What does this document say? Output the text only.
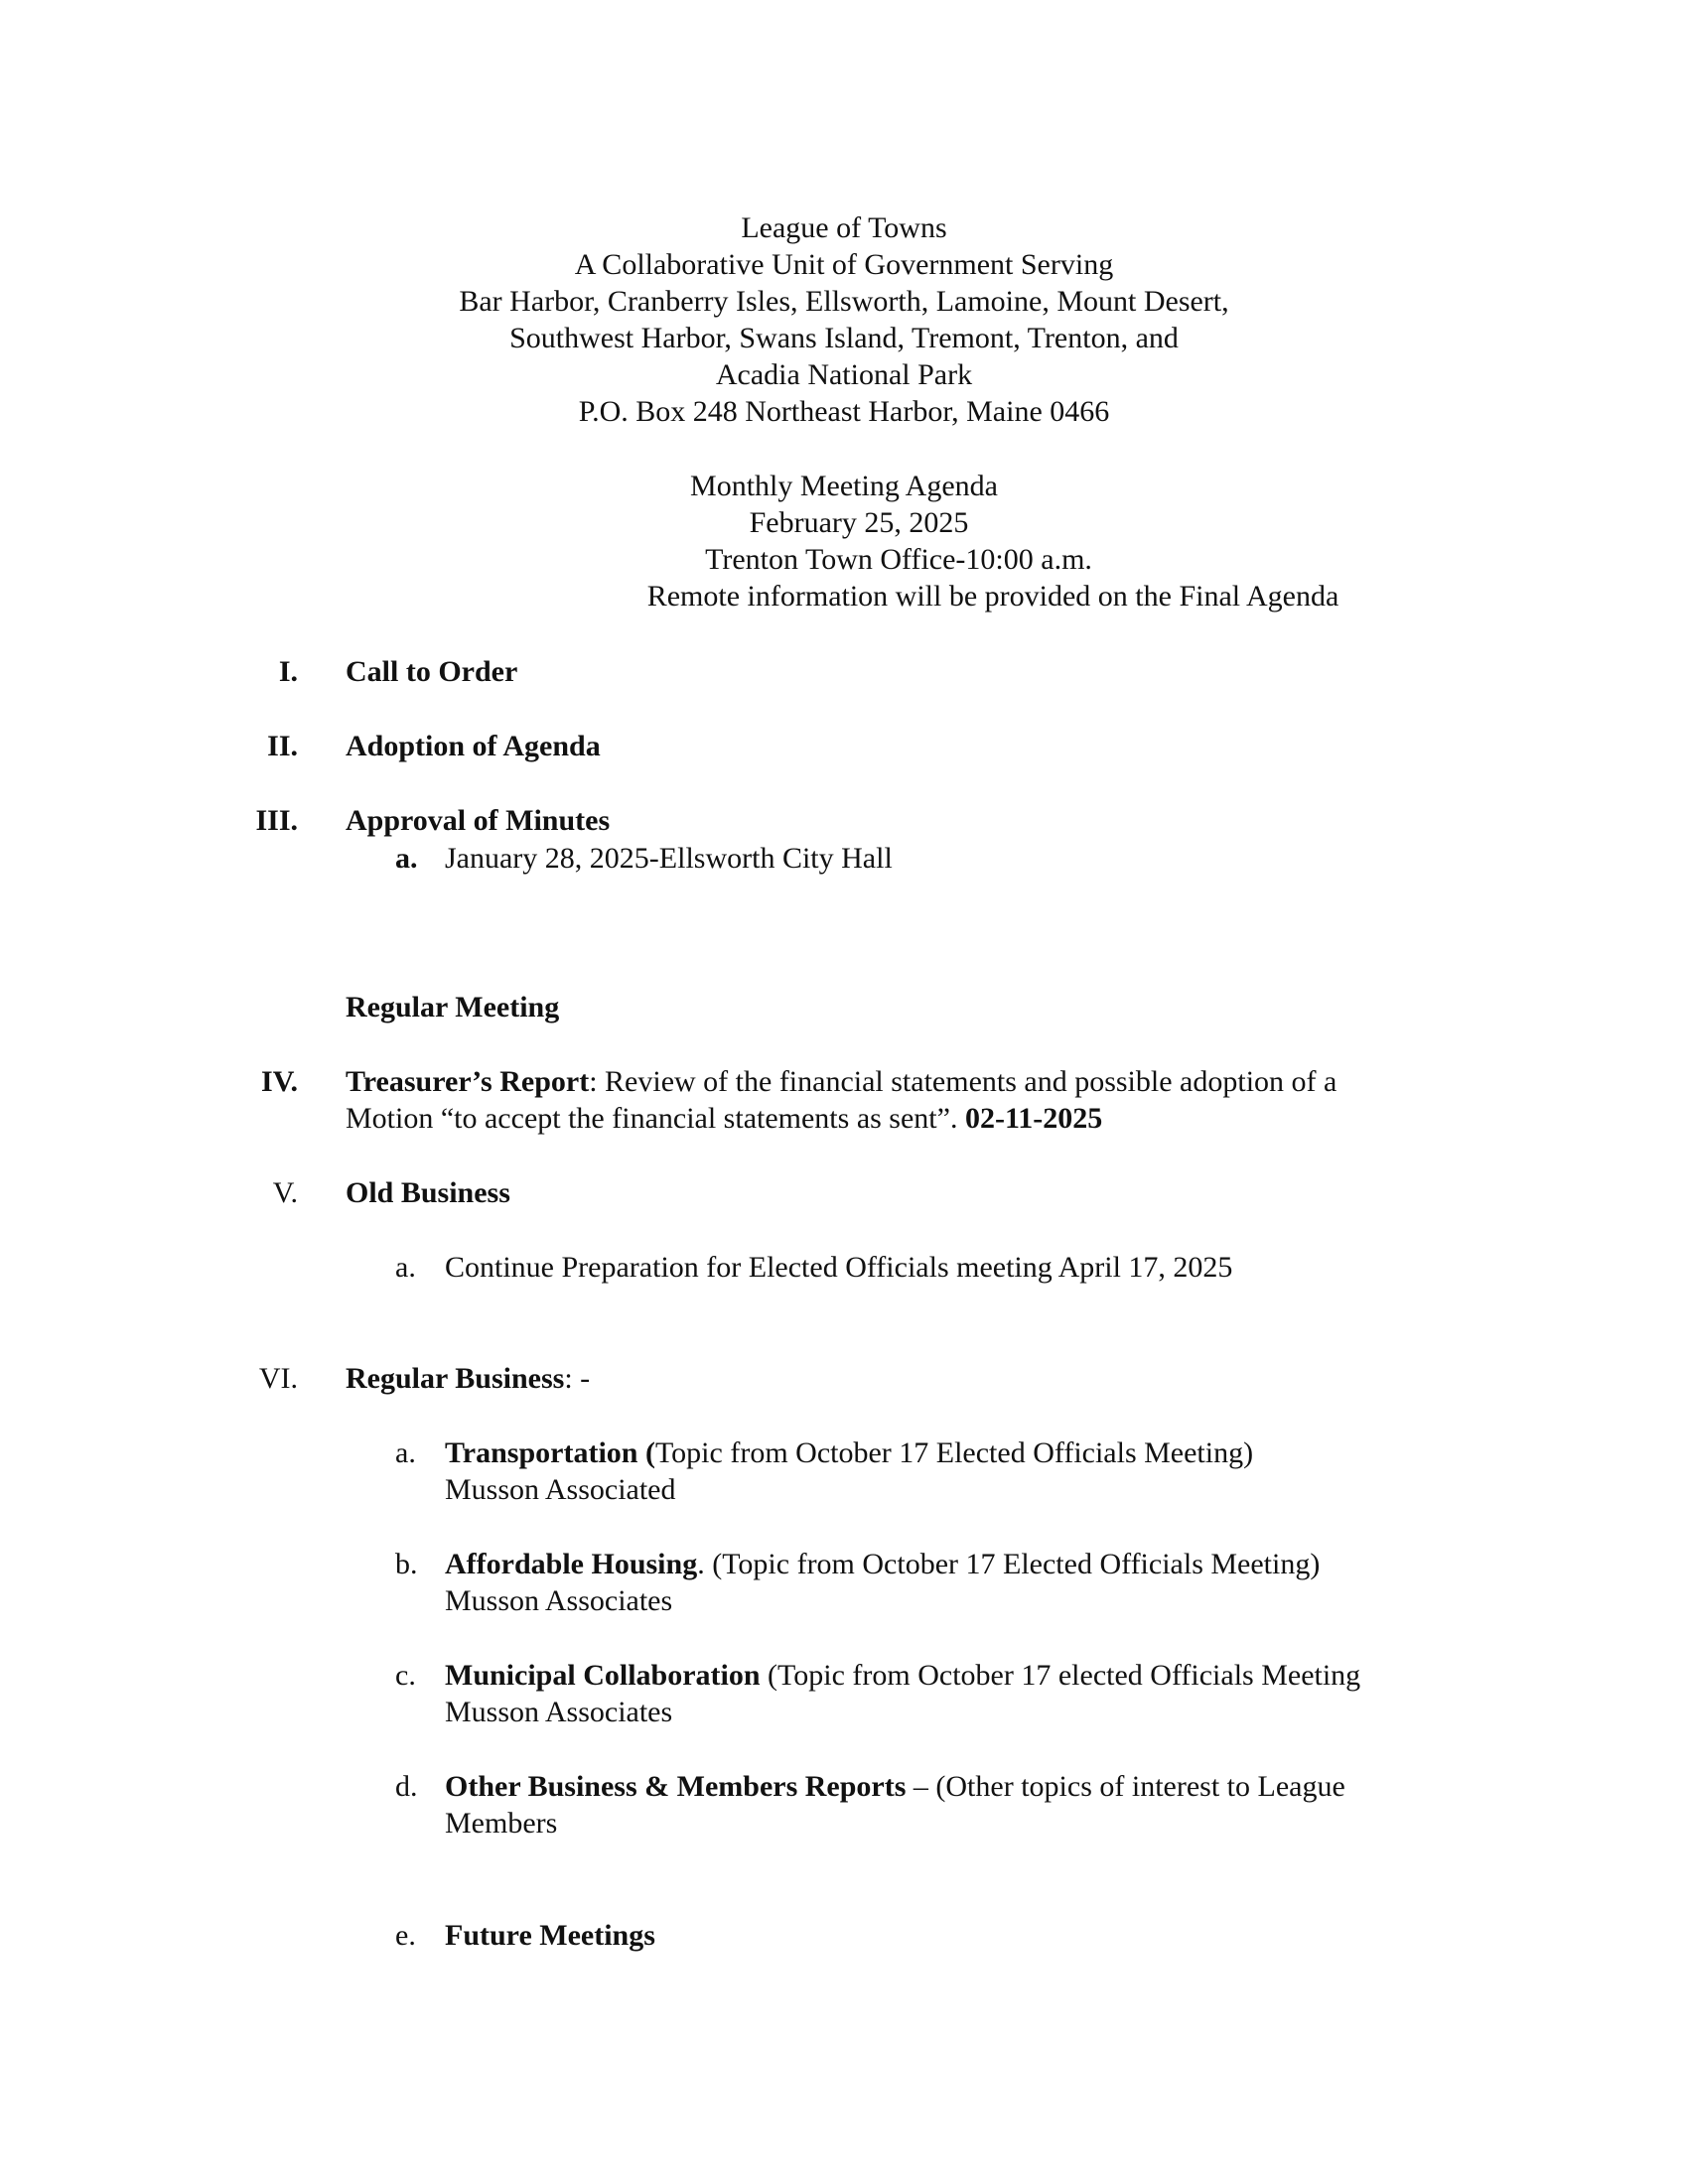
League of Towns
A Collaborative Unit of Government Serving
Bar Harbor, Cranberry Isles, Ellsworth, Lamoine, Mount Desert,
Southwest Harbor, Swans Island, Tremont, Trenton, and
Acadia National Park
P.O. Box 248 Northeast Harbor, Maine 0466
Monthly Meeting Agenda
February 25, 2025
Trenton Town Office-10:00 a.m.
Remote information will be provided on the Final Agenda
I. Call to Order
II. Adoption of Agenda
III. Approval of Minutes
a. January 28, 2025-Ellsworth City Hall
Regular Meeting
IV. Treasurer’s Report: Review of the financial statements and possible adoption of a
Motion “to accept the financial statements as sent”. 02-11-2025
V. Old Business
a. Continue Preparation for Elected Officials meeting April 17, 2025
VI. Regular Business: -
a. Transportation (Topic from October 17 Elected Officials Meeting)
Musson Associated
b. Affordable Housing. (Topic from October 17 Elected Officials Meeting)
Musson Associates
c. Municipal Collaboration (Topic from October 17 elected Officials Meeting
Musson Associates
d. Other Business & Members Reports – (Other topics of interest to League
Members
e. Future Meetings
